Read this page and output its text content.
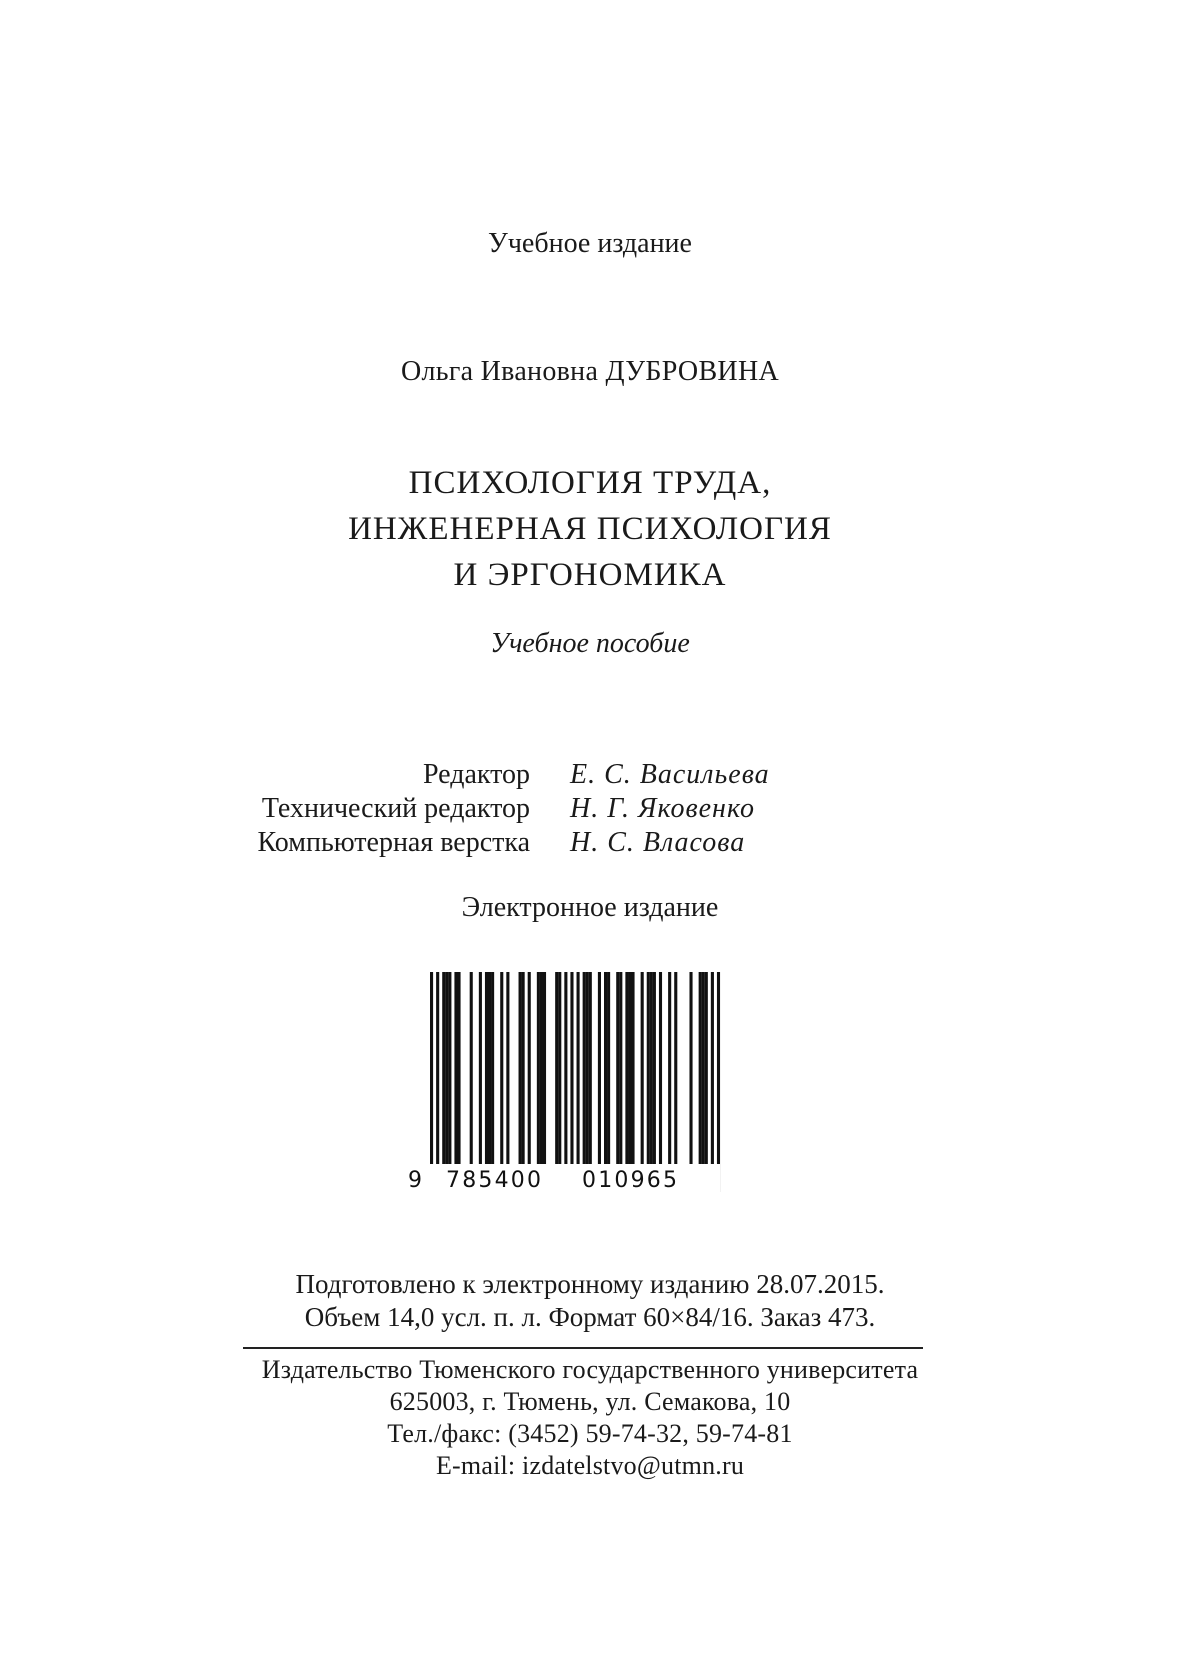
Учебное издание
Ольга Ивановна ДУБРОВИНА
ПСИХОЛОГИЯ ТРУДА,
ИНЖЕНЕРНАЯ ПСИХОЛОГИЯ
И ЭРГОНОМИКА
Учебное пособие
Редактор	Е. С. Васильева
Технический редактор	Н. Г. Яковенко
Компьютерная верстка	Н. С. Власова
Электронное издание
9 785400 010965
Подготовлено к электронному изданию 28.07.2015.
Объем 14,0 усл. п. л. Формат 60×84/16. Заказ 473.
Издательство Тюменского государственного университета
625003, г. Тюмень, ул. Семакова, 10
Тел./факс: (3452) 59-74-32, 59-74-81
E-mail: izdatelstvo@utmn.ru
